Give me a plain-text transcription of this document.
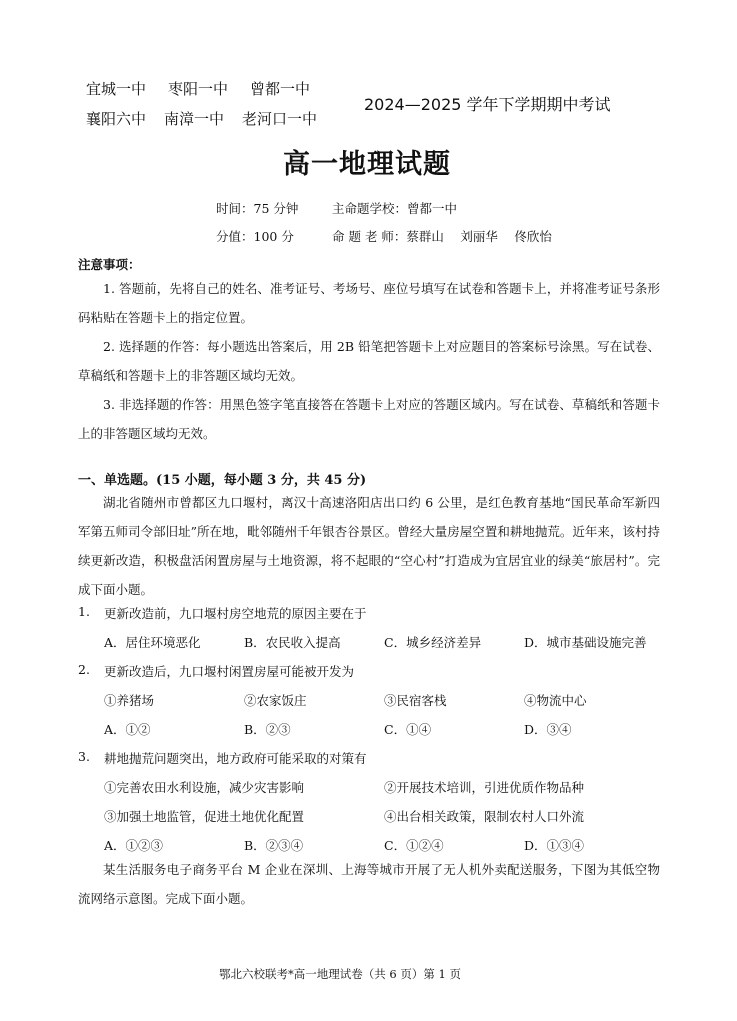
宜城一中 枣阳一中 曾都一中
襄阳六中 南漳一中 老河口一中
2024—2025 学年下学期期中考试
高一地理试题
时间：75 分钟	主命题学校：曾都一中
分值：100 分	命 题 老 师：蔡群山　 刘丽华　 佟欣怡
注意事项：
1. 答题前，先将自己的姓名、准考证号、考场号、座位号填写在试卷和答题卡上，并将准考证号条形码粘贴在答题卡上的指定位置。
2. 选择题的作答：每小题选出答案后，用 2B 铅笔把答题卡上对应题目的答案标号涂黑。写在试卷、草稿纸和答题卡上的非答题区域均无效。
3. 非选择题的作答：用黑色签字笔直接答在答题卡上对应的答题区域内。写在试卷、草稿纸和答题卡上的非答题区域均无效。
一、单选题。(15 小题，每小题 3 分，共 45 分)
湖北省随州市曾都区九口堰村，离汉十高速洛阳店出口约 6 公里，是红色教育基地“国民革命军新四军第五师司令部旧址”所在地，毗邻随州千年银杏谷景区。曾经大量房屋空置和耕地抛荒。近年来，该村持续更新改造，积极盘活闲置房屋与土地资源，将不起眼的“空心村”打造成为宜居宜业的绿美“旅居村”。完成下面小题。
1. 更新改造前，九口堰村房空地荒的原因主要在于
A．居住环境恶化	B．农民收入提高	C．城乡经济差异	D．城市基础设施完善
2. 更新改造后，九口堰村闲置房屋可能被开发为
①养猪场	②农家饭庄	③民宿客栈	④物流中心
A．①②	B．②③	C．①④	D．③④
3. 耕地抛荒问题突出，地方政府可能采取的对策有
①完善农田水利设施，减少灾害影响	②开展技术培训，引进优质作物品种
③加强土地监管，促进土地优化配置	④出台相关政策，限制农村人口外流
A．①②③	B．②③④	C．①②④	D．①③④
某生活服务电子商务平台 M 企业在深圳、上海等城市开展了无人机外卖配送服务，下图为其低空物流网络示意图。完成下面小题。
鄂北六校联考*高一地理试卷（共 6 页）第 1 页
